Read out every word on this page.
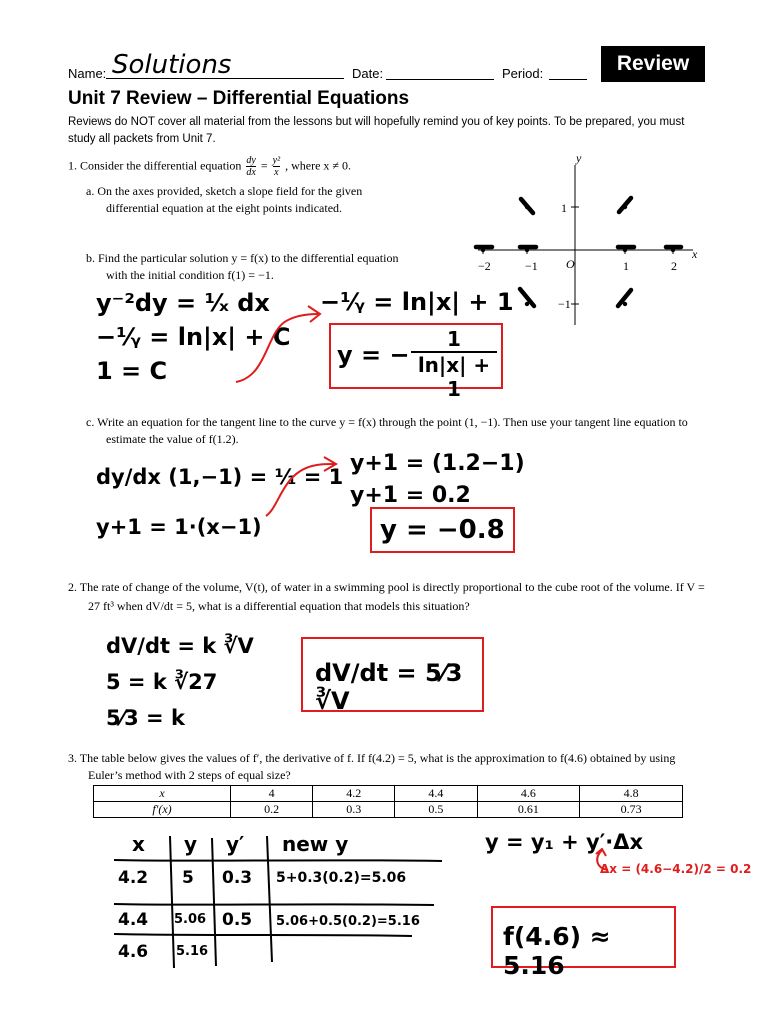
Name: Solutions	Date:	Period:	Review
Unit 7 Review – Differential Equations
Reviews do NOT cover all material from the lessons but will hopefully remind you of key points. To be prepared, you must study all packets from Unit 7.
1. Consider the differential equation $\frac{dy}{dx} = \frac{\text{y²}}{x}$ , where x ≠ 0.
a. On the axes provided, sketch a slope field for the given differential equation at the eight points indicated.
b. Find the particular solution y = f(x) to the differential equation with the initial condition f(1) = −1.
y
x
−2	−1 O	1	2
1
−1
y⁻²dy = ¹⁄ₓ dx
−¹⁄ᵧ = ln|x| + C
1 = C
−¹⁄ᵧ = ln|x| + 1
y = − $\frac{1}{\ln|x| + 1}$
c. Write an equation for the tangent line to the curve y = f(x) through the point (1, −1). Then use your tangent line equation to estimate the value of f(1.2).
dy/dx (1,−1) = ¹⁄₁ = 1
y+1 = 1·(x−1)
y+1 = (1.2−1)
y+1 = 0.2
y = −0.8
2. The rate of change of the volume, V(t), of water in a swimming pool is directly proportional to the cube root of the volume. If V = 27 ft³ when dV/dt = 5, what is a differential equation that models this situation?
dV/dt = k ∛V
5 = k ∛27
5⁄3 = k
dV/dt = 5⁄3 ∛V
3. The table below gives the values of f′, the derivative of f. If f(4.2) = 5, what is the approximation to f(4.6) obtained by using Euler’s method with 2 steps of equal size?
x	4	4.2	4.4	4.6	4.8
f′(x)	0.2	0.3	0.5	0.61	0.73
x y y′ new y
4.2 5 0.3 5+0.3(0.2)=5.06
4.4 5.06 0.5 5.06+0.5(0.2)=5.16
4.6 5.16
y = y₁ + y′·Δx
Δx = (4.6−4.2)/2 = 0.2
f(4.6) ≈ 5.16
